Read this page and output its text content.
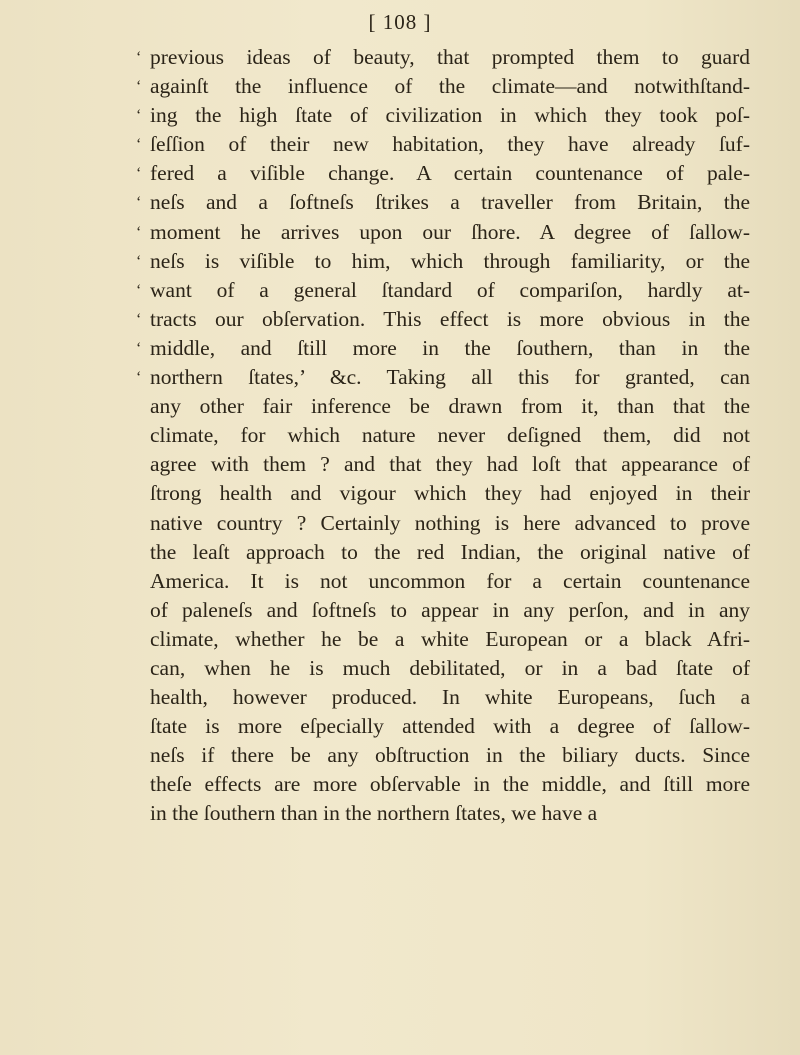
[ 108 ]
‘ previous ideas of beauty, that prompted them to guard
‘ againſt the influence of the climate—and notwithſtand-
‘ ing the high ſtate of civilization in which they took poſ-
‘ ſeſſion of their new habitation, they have already ſuf-
‘ fered a viſible change. A certain countenance of pale-
‘ neſs and a ſoftneſs ſtrikes a traveller from Britain, the
‘ moment he arrives upon our ſhore. A degree of ſallow-
‘ neſs is viſible to him, which through familiarity, or the
‘ want of a general ſtandard of compariſon, hardly at-
‘ tracts our obſervation. This effect is more obvious in the
‘ middle, and ſtill more in the ſouthern, than in the
‘ northern ſtates,’ &c. Taking all this for granted, can
any other fair inference be drawn from it, than that the
climate, for which nature never deſigned them, did not
agree with them ? and that they had loſt that appearance of
ſtrong health and vigour which they had enjoyed in their
native country ? Certainly nothing is here advanced to prove
the leaſt approach to the red Indian, the original native of
America. It is not uncommon for a certain countenance
of paleneſs and ſoftneſs to appear in any perſon, and in any
climate, whether he be a white European or a black Afri-
can, when he is much debilitated, or in a bad ſtate of
health, however produced. In white Europeans, ſuch a
ſtate is more eſpecially attended with a degree of ſallow-
neſs if there be any obſtruction in the biliary ducts. Since
theſe effects are more obſervable in the middle, and ſtill more
in the ſouthern than in the northern ſtates, we have a
